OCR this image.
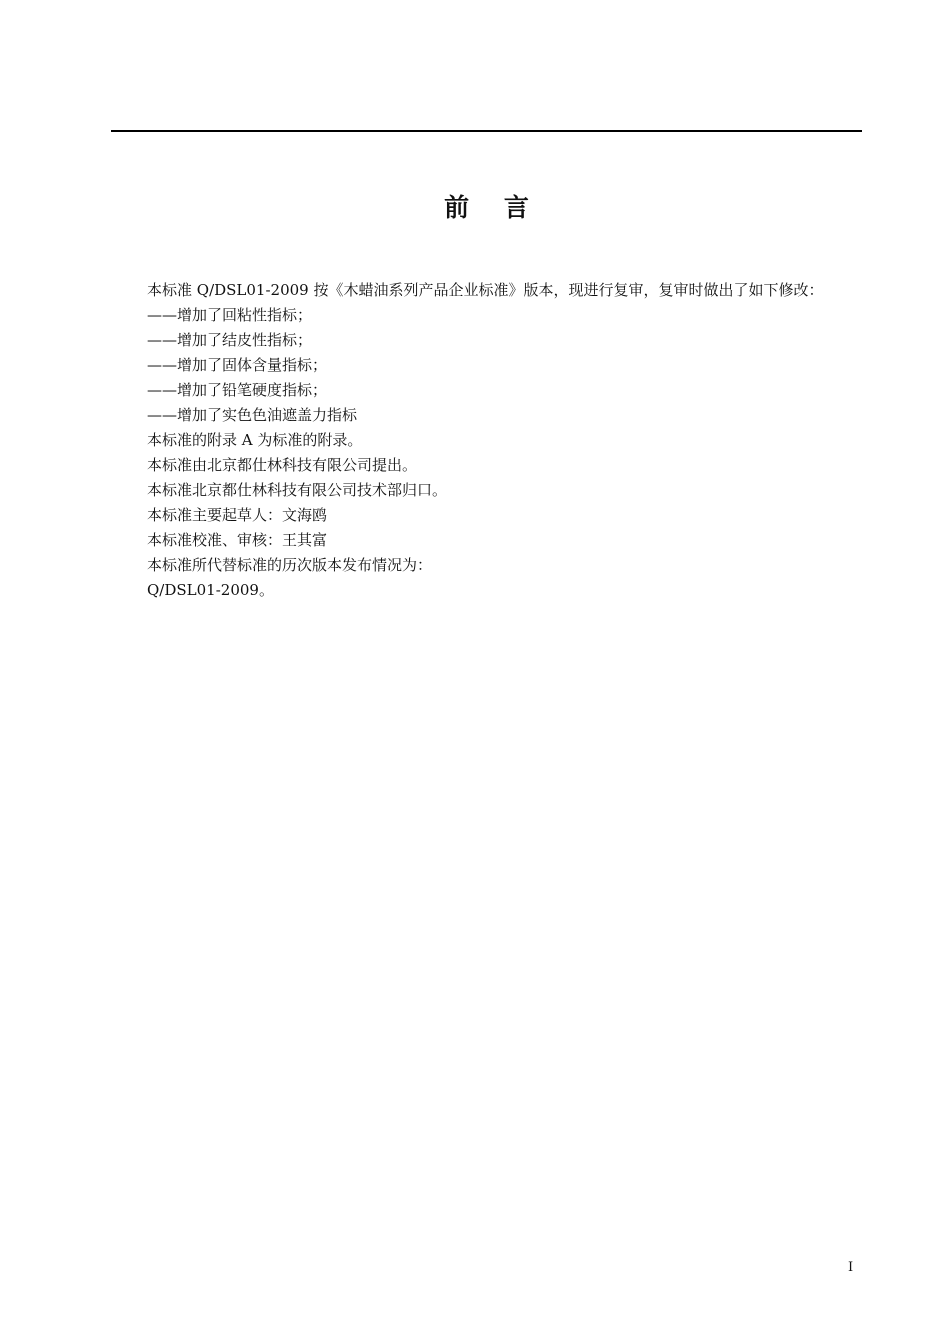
前    言
本标准 Q/DSL01-2009 按《木蜡油系列产品企业标准》版本，现进行复审，复审时做出了如下修改：
——增加了回粘性指标；
——增加了结皮性指标；
——增加了固体含量指标；
——增加了铅笔硬度指标；
——增加了实色色油遮盖力指标
本标准的附录 A 为标准的附录。
本标准由北京都仕林科技有限公司提出。
本标准北京都仕林科技有限公司技术部归口。
本标准主要起草人：文海鸥
本标准校准、审核：王其富
本标准所代替标准的历次版本发布情况为：
Q/DSL01-2009。
I
